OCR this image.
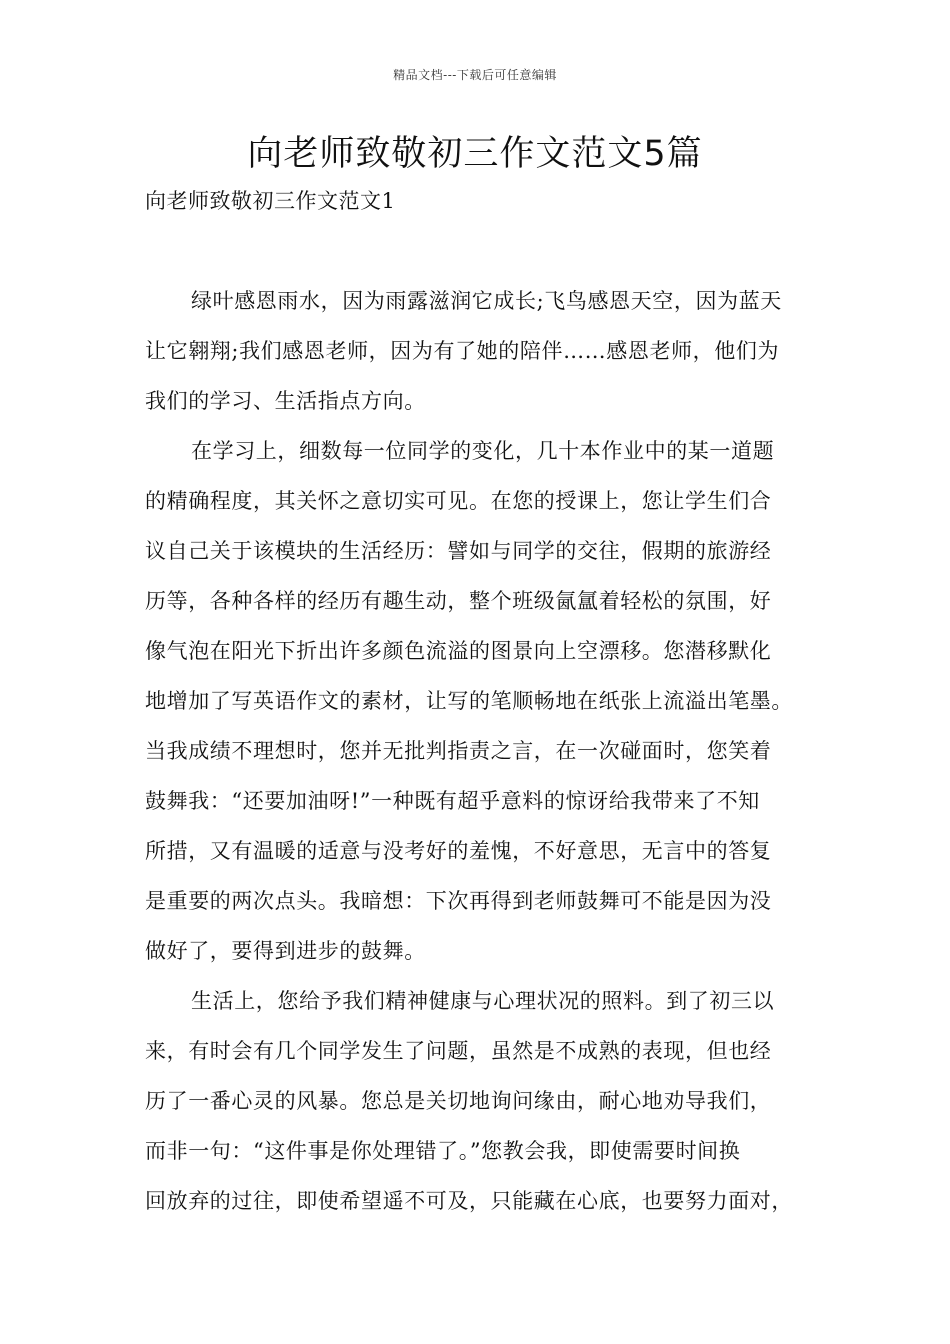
精品文档---下载后可任意编辑
向老师致敬初三作文范文5篇
向老师致敬初三作文范文1
绿叶感恩雨水，因为雨露滋润它成长;飞鸟感恩天空，因为蓝天
让它翱翔;我们感恩老师，因为有了她的陪伴……感恩老师，他们为
我们的学习、生活指点方向。
在学习上，细数每一位同学的变化，几十本作业中的某一道题
的精确程度，其关怀之意切实可见。在您的授课上，您让学生们合
议自己关于该模块的生活经历：譬如与同学的交往，假期的旅游经
历等，各种各样的经历有趣生动，整个班级氤氲着轻松的氛围，好
像气泡在阳光下折出许多颜色流溢的图景向上空漂移。您潜移默化
地增加了写英语作文的素材，让写的笔顺畅地在纸张上流溢出笔墨。
当我成绩不理想时，您并无批判指责之言，在一次碰面时，您笑着
鼓舞我：“还要加油呀!”一种既有超乎意料的惊讶给我带来了不知
所措，又有温暖的适意与没考好的羞愧，不好意思，无言中的答复
是重要的两次点头。我暗想：下次再得到老师鼓舞可不能是因为没
做好了，要得到进步的鼓舞。
生活上，您给予我们精神健康与心理状况的照料。到了初三以
来，有时会有几个同学发生了问题，虽然是不成熟的表现，但也经
历了一番心灵的风暴。您总是关切地询问缘由，耐心地劝导我们，
而非一句：“这件事是你处理错了。”您教会我，即使需要时间换
回放弃的过往，即使希望遥不可及，只能藏在心底，也要努力面对，
